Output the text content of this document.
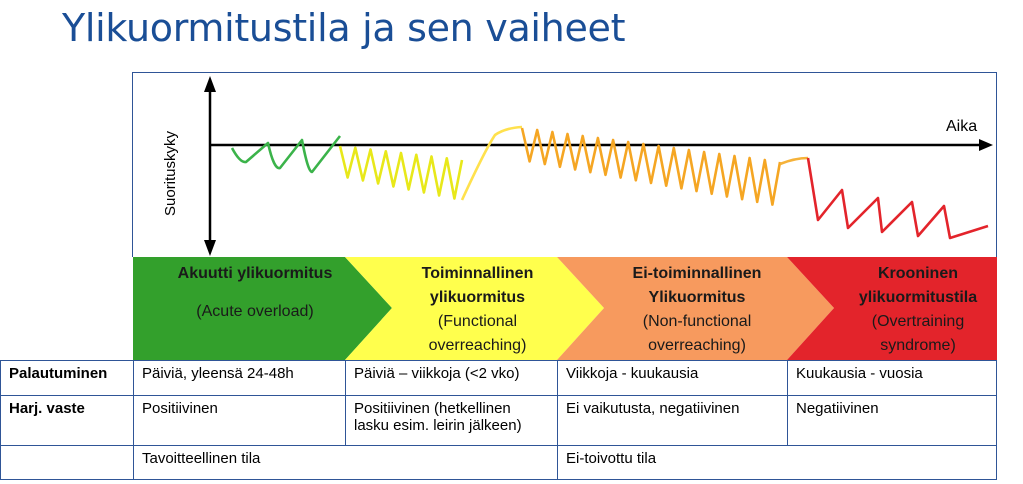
Ylikuormitustila ja sen vaiheet
Suorituskyky
Aika
Akuutti ylikuormitus
(Acute overload)
Toiminnallinen ylikuormitus
(Functional overreaching)
Ei-toiminnallinen Ylikuormitus
(Non-functional overreaching)
Krooninen ylikuormitustila
(Overtraining syndrome)
Palautuminen	Päiviä, yleensä 24-48h	Päiviä – viikkoja (<2 vko)	Viikkoja - kuukausia	Kuukausia - vuosia
Harj. vaste	Positiivinen	Positiivinen (hetkellinen lasku esim. leirin jälkeen)	Ei vaikutusta, negatiivinen	Negatiivinen
	Tavoitteellinen tila		Ei-toivottu tila	
